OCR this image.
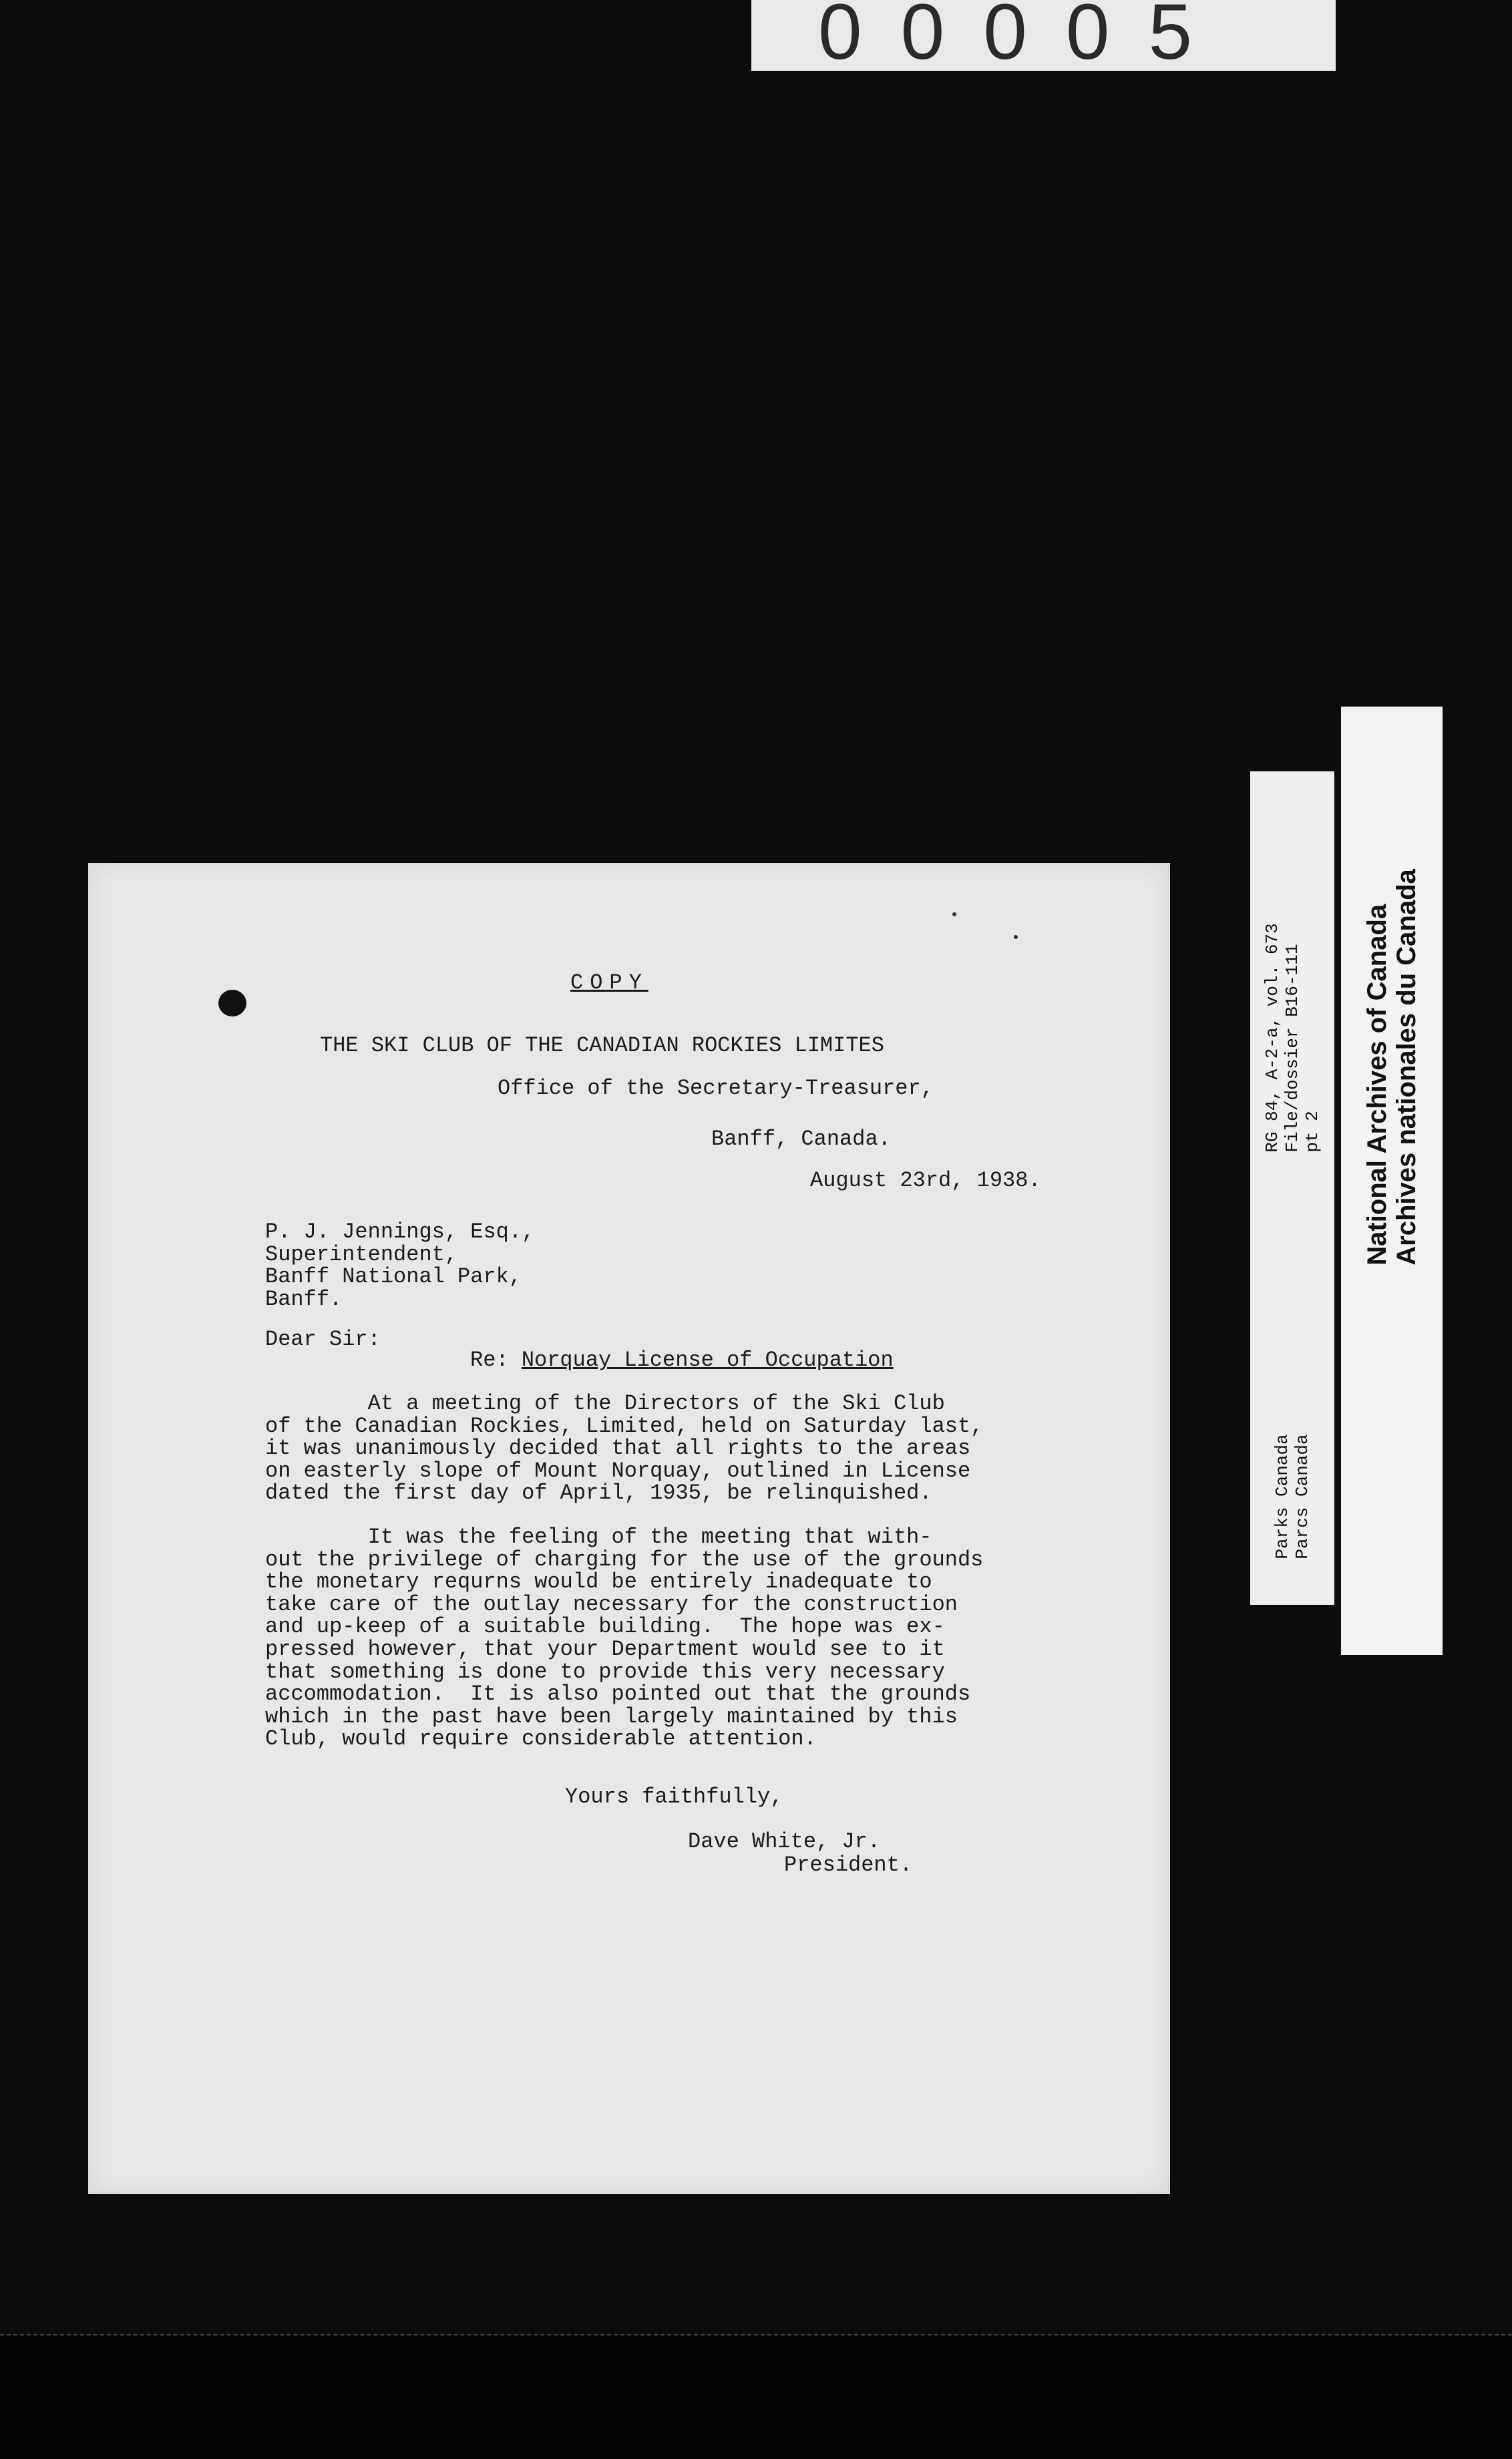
00005
RG 84, A-2-a, vol. 673 File/dossier B16-111 pt 2
Parks Canada Parcs Canada
National Archives of Canada Archives nationales du Canada
COPY
THE SKI CLUB OF THE CANADIAN ROCKIES LIMITES
Office of the Secretary-Treasurer,
Banff, Canada.
August 23rd, 1938.
P. J. Jennings, Esq.,
Superintendent,
Banff National Park,
Banff.
Dear Sir:
Re: Norquay License of Occupation
At a meeting of the Directors of the Ski Club
of the Canadian Rockies, Limited, held on Saturday last,
it was unanimously decided that all rights to the areas
on easterly slope of Mount Norquay, outlined in License
dated the first day of April, 1935, be relinquished.
It was the feeling of the meeting that with-
out the privilege of charging for the use of the grounds
the monetary requrns would be entirely inadequate to
take care of the outlay necessary for the construction
and up-keep of a suitable building.  The hope was ex-
pressed however, that your Department would see to it
that something is done to provide this very necessary
accommodation.  It is also pointed out that the grounds
which in the past have been largely maintained by this
Club, would require considerable attention.
Yours faithfully,
Dave White, Jr.
President.
